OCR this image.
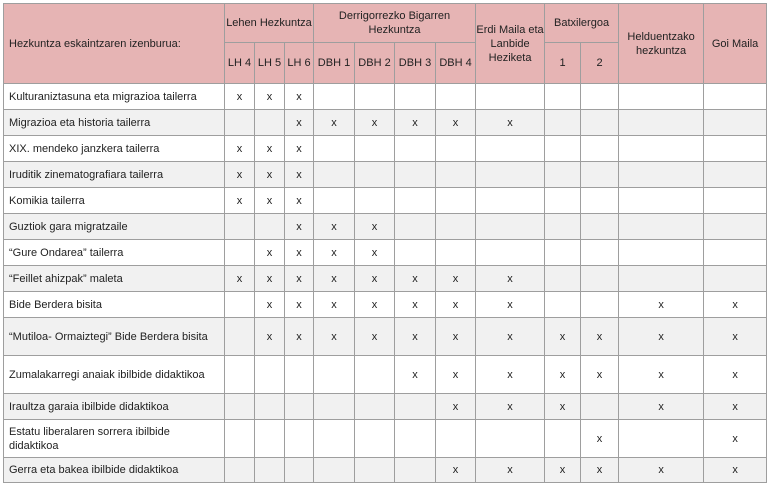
Hezkuntza eskaintzaren izenburua:	Lehen Hezkuntza			Derrigorrezko Bigarren Hezkuntza				Erdi Maila eta Lanbide Heziketa	Batxilergoa		Helduentzako hezkuntza	Goi Maila
	LH 4	LH 5	LH 6	DBH 1	DBH 2	DBH 3	DBH 4		1	2		
Kulturaniztasuna eta migrazioa tailerra	x	x	x									
Migrazioa eta historia tailerra			x	x	x	x	x	x				
XIX. mendeko janzkera tailerra	x	x	x									
Iruditik zinematografiara tailerra	x	x	x									
Komikia tailerra	x	x	x									
Guztiok gara migratzaile			x	x	x							
“Gure Ondarea” tailerra		x	x	x	x							
“Feillet ahizpak” maleta	x	x	x	x	x	x	x	x				
Bide Berdera bisita		x	x	x	x	x	x	x			x	x
“Mutiloa- Ormaiztegi” Bide Berdera bisita		x	x	x	x	x	x	x	x	x	x	x
Zumalakarregi anaiak ibilbide didaktikoa						x	x	x	x	x	x	x
Iraultza garaia ibilbide didaktikoa							x	x	x		x	x
Estatu liberalaren sorrera ibilbide didaktikoa										x		x
Gerra eta bakea ibilbide didaktikoa							x	x	x	x	x	x
